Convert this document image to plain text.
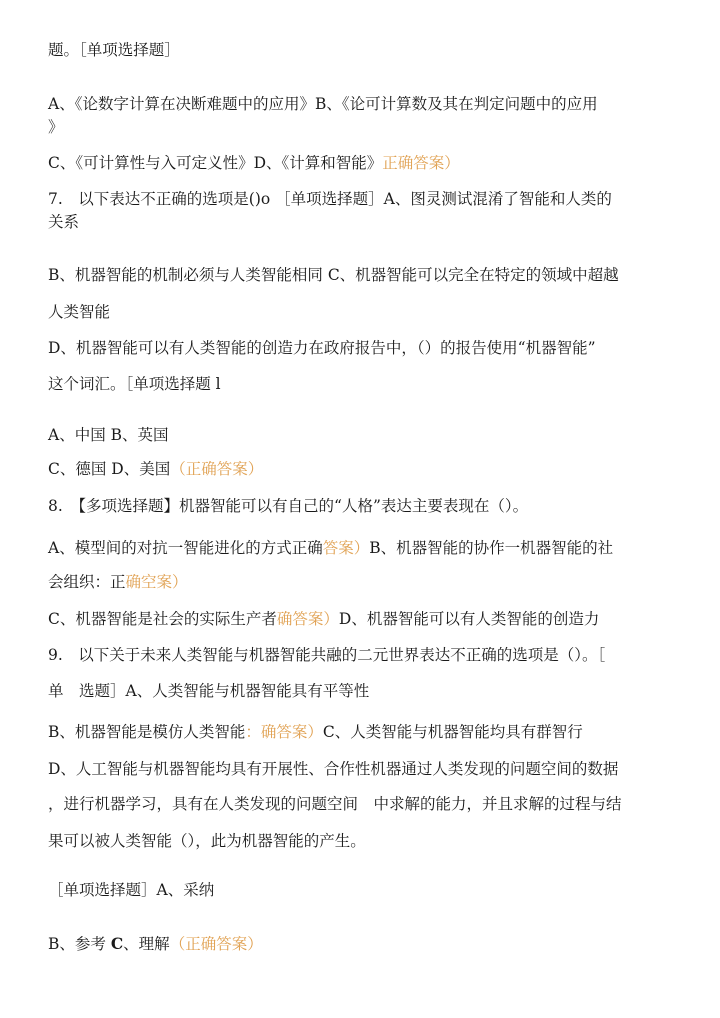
题。［单项选择题］
A、《论数字计算在决断难题中的应用》B、《论可计算数及其在判定问题中的应用
》
C、《可计算性与入可定义性》D、《计算和智能》正确答案）
7.　以下表达不正确的选项是()o ［单项选择题］A、图灵测试混淆了智能和人类的
关系
B、机器智能的机制必须与人类智能相同 C、机器智能可以完全在特定的领域中超越
人类智能
D、机器智能可以有人类智能的创造力在政府报告中，（）的报告使用“机器智能”
这个词汇。［单项选择题 l
A、中国 B、英国
C、德国 D、美国（正确答案）
8.　【多项选择题】机器智能可以有自己的“人格”表达主要表现在（）。
A、模型间的对抗一智能进化的方式正确答案）B、机器智能的协作一机器智能的社
会组织：正确空案）
C、机器智能是社会的实际生产者确答案）D、机器智能可以有人类智能的创造力
9.　以下关于未来人类智能与机器智能共融的二元世界表达不正确的选项是（）。［
单　选题］A、人类智能与机器智能具有平等性
B、机器智能是模仿人类智能：确答案）C、人类智能与机器智能均具有群智行
D、人工智能与机器智能均具有开展性、合作性机器通过人类发现的问题空间的数据
，进行机器学习，具有在人类发现的问题空间　中求解的能力，并且求解的过程与结
果可以被人类智能（），此为机器智能的产生。
［单项选择题］A、采纳
B、参考 C、理解（正确答案）
